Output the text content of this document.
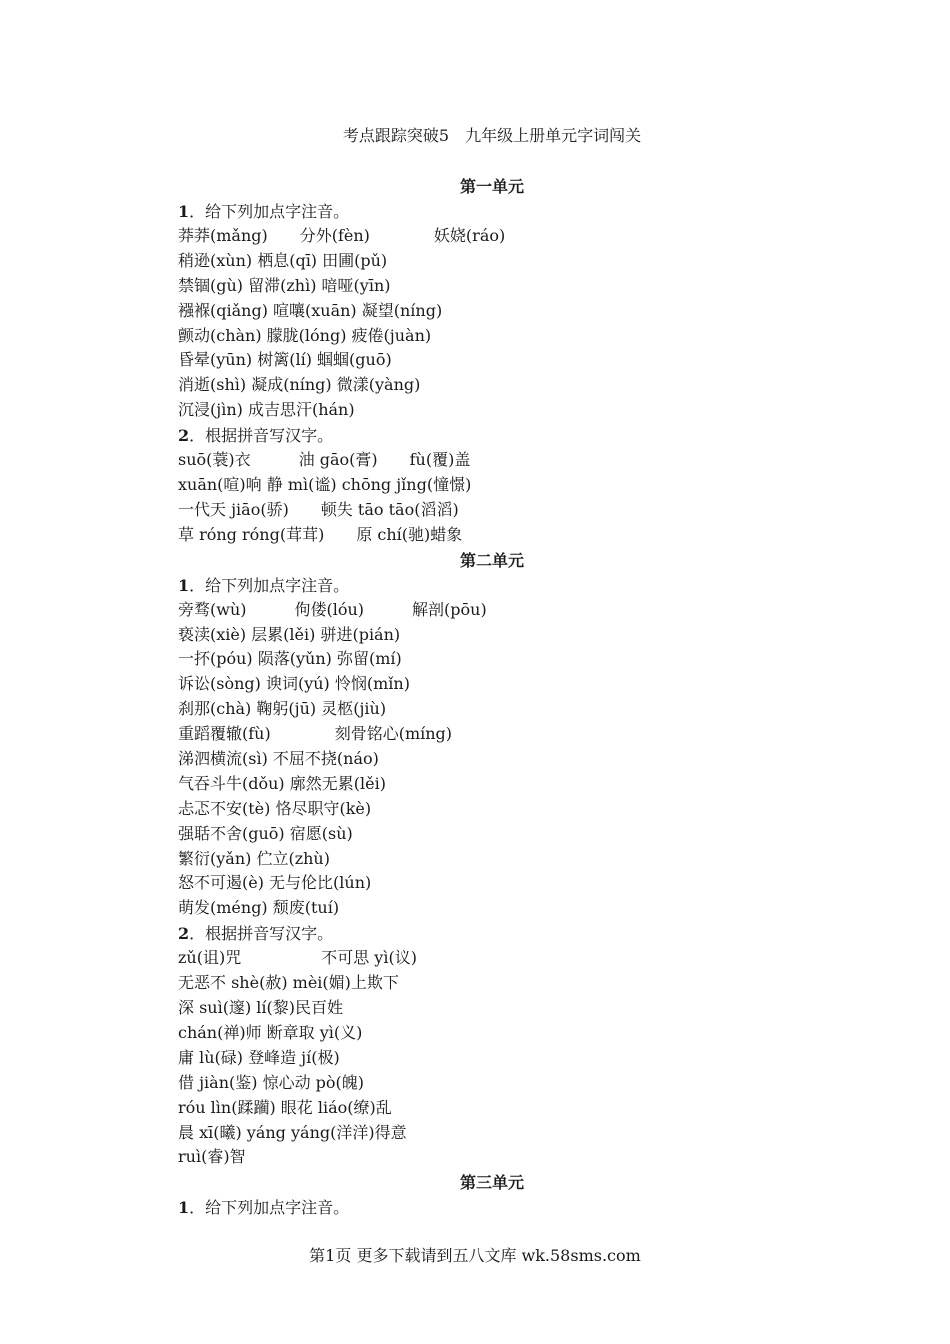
考点跟踪突破5　九年级上册单元字词闯关
第一单元
1．给下列加点字注音。
莽莽(mǎng)　　分外(fèn)　　　　妖娆(ráo)
稍逊(xùn) 栖息(qī) 田圃(pǔ)
禁锢(gù) 留滞(zhì) 喑哑(yīn)
襁褓(qiǎng) 喧嚷(xuān) 凝望(níng)
颤动(chàn) 朦胧(lóng) 疲倦(juàn)
昏晕(yūn) 树篱(lí) 蝈蝈(guō)
消逝(shì) 凝成(níng) 微漾(yàng)
沉浸(jìn) 成吉思汗(hán)
2．根据拼音写汉字。
suō(蓑)衣　　　油 gāo(膏)　　fù(覆)盖
xuān(喧)响 静 mì(谧) chōng jǐng(憧憬)
一代天 jiāo(骄)　　顿失 tāo tāo(滔滔)
草 róng róng(茸茸)　　原 chí(驰)蜡象
第二单元
1．给下列加点字注音。
旁骛(wù)　　　佝偻(lóu)　　　解剖(pōu)
亵渎(xiè) 层累(lěi) 骈进(pián)
一抔(póu) 陨落(yǔn) 弥留(mí)
诉讼(sòng) 谀词(yú) 怜悯(mǐn)
刹那(chà) 鞠躬(jū) 灵柩(jiù)
重蹈覆辙(fù)　　　　刻骨铭心(míng)
涕泗横流(sì) 不屈不挠(náo)
气吞斗牛(dǒu) 廓然无累(lěi)
忐忑不安(tè) 恪尽职守(kè)
强聒不舍(guō) 宿愿(sù)
繁衍(yǎn) 伫立(zhù)
怒不可遏(è) 无与伦比(lún)
萌发(méng) 颓废(tuí)
2．根据拼音写汉字。
zǔ(诅)咒　　　　　不可思 yì(议)
无恶不 shè(赦) mèi(媚)上欺下
深 suì(邃) lí(黎)民百姓
chán(禅)师 断章取 yì(义)
庸 lù(碌) 登峰造 jí(极)
借 jiàn(鉴) 惊心动 pò(魄)
róu lìn(蹂躏) 眼花 liáo(缭)乱
晨 xī(曦) yáng yáng(洋洋)得意
ruì(睿)智
第三单元
1．给下列加点字注音。
第1页 更多下载请到五八文库 wk.58sms.com
